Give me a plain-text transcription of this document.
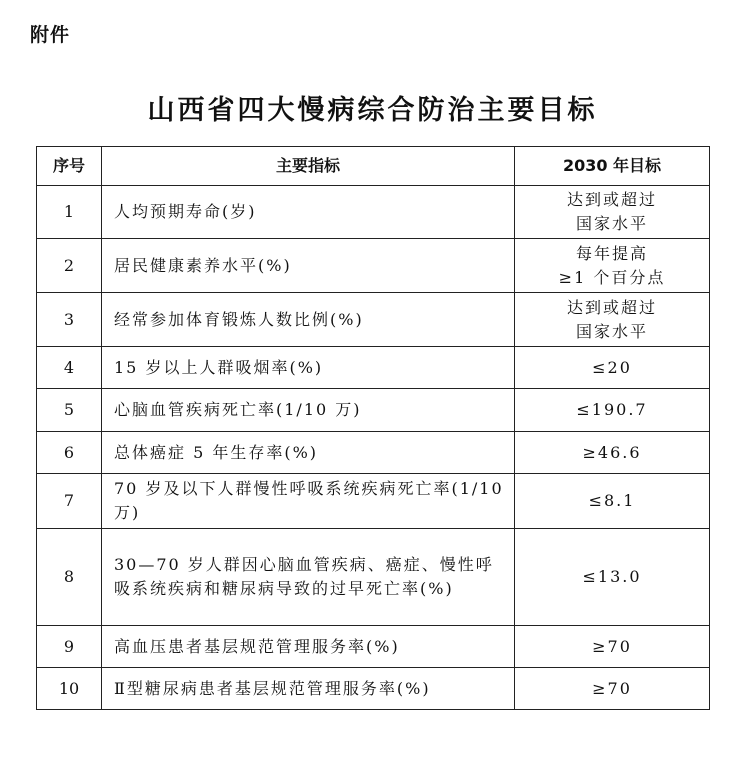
附件
山西省四大慢病综合防治主要目标
序号	主要指标	2030 年目标
1	人均预期寿命(岁)	达到或超过
国家水平

2	居民健康素养水平(%)	每年提高
≥1 个百分点

3	经常参加体育锻炼人数比例(%)	达到或超过
国家水平

4	15 岁以上人群吸烟率(%)	≤20

5	心脑血管疾病死亡率(1/10 万)	≤190.7

6	总体癌症 5 年生存率(%)	≥46.6

7	70 岁及以下人群慢性呼吸系统疾病死亡率(1/10 万)	≤8.1

8	30—70 岁人群因心脑血管疾病、癌症、慢性呼吸系统疾病和糖尿病导致的过早死亡率(%)	≤13.0

9	高血压患者基层规范管理服务率(%)	≥70

10	Ⅱ型糖尿病患者基层规范管理服务率(%)	≥70
